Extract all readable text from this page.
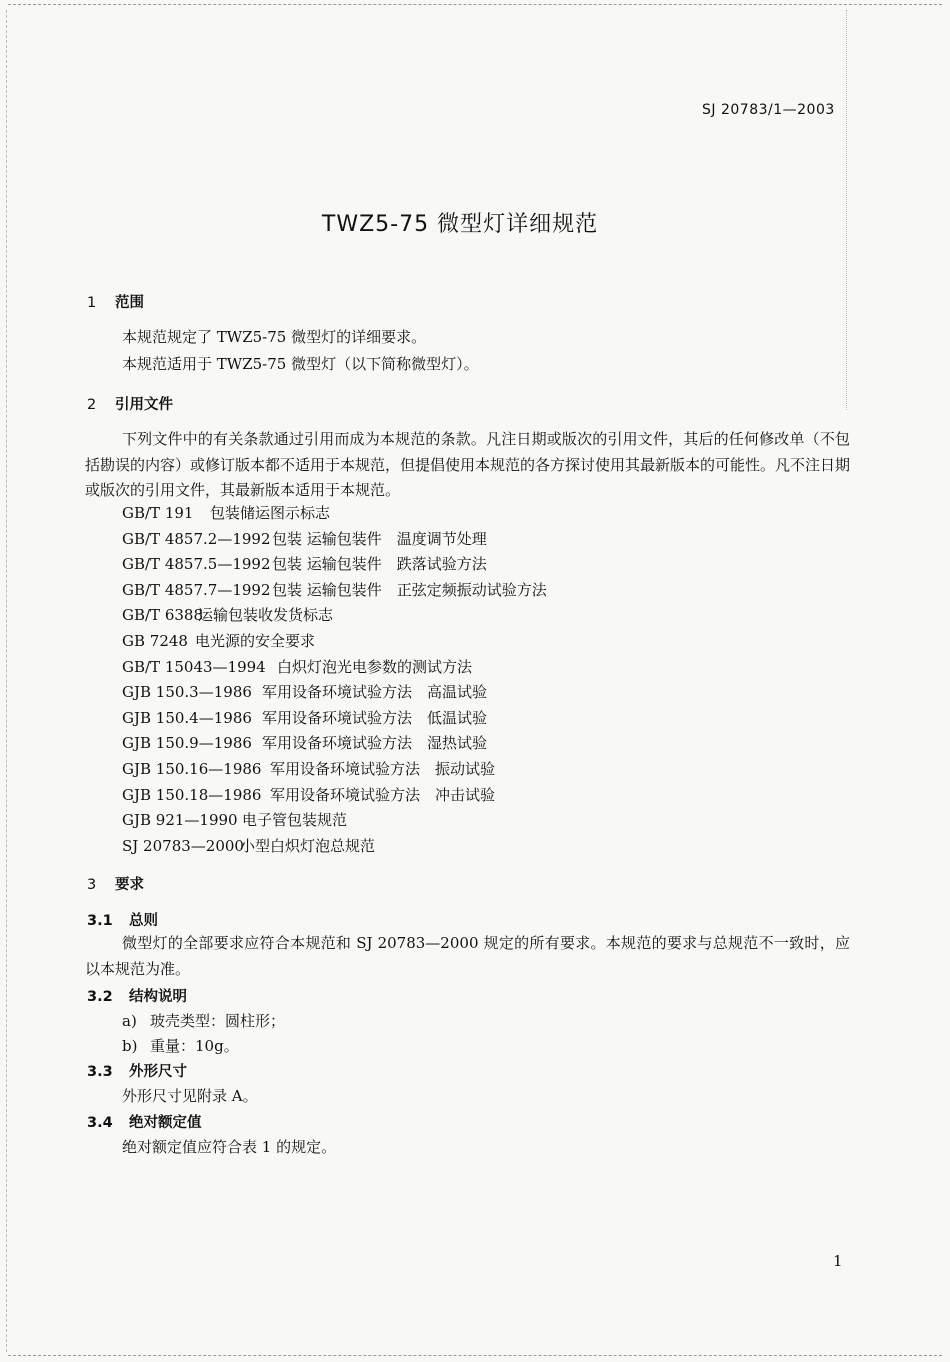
SJ 20783/1—2003
TWZ5-75 微型灯详细规范
1 范围
本规范规定了 TWZ5-75 微型灯的详细要求。
本规范适用于 TWZ5-75 微型灯（以下简称微型灯）。
2 引用文件
下列文件中的有关条款通过引用而成为本规范的条款。凡注日期或版次的引用文件，其后的任何修改单（不包括勘误的内容）或修订版本都不适用于本规范，但提倡使用本规范的各方探讨使用其最新版本的可能性。凡不注日期或版次的引用文件，其最新版本适用于本规范。
GB/T 191 包装储运图示标志
GB/T 4857.2—1992 包装 运输包装件　温度调节处理
GB/T 4857.5—1992 包装 运输包装件　跌落试验方法
GB/T 4857.7—1992 包装 运输包装件　正弦定频振动试验方法
GB/T 6388运输包装收发货标志
GB 7248 电光源的安全要求
GB/T 15043—1994 白炽灯泡光电参数的测试方法
GJB 150.3—1986 军用设备环境试验方法　高温试验
GJB 150.4—1986 军用设备环境试验方法　低温试验
GJB 150.9—1986 军用设备环境试验方法　湿热试验
GJB 150.16—1986 军用设备环境试验方法　振动试验
GJB 150.18—1986 军用设备环境试验方法　冲击试验
GJB 921—1990 电子管包装规范
SJ 20783—2000小型白炽灯泡总规范
3 要求
3.1 总则
微型灯的全部要求应符合本规范和 SJ 20783—2000 规定的所有要求。本规范的要求与总规范不一致时，应以本规范为准。
3.2 结构说明
a) 玻壳类型：圆柱形；
b) 重量：10g。
3.3 外形尺寸
外形尺寸见附录 A。
3.4 绝对额定值
绝对额定值应符合表 1 的规定。
1
